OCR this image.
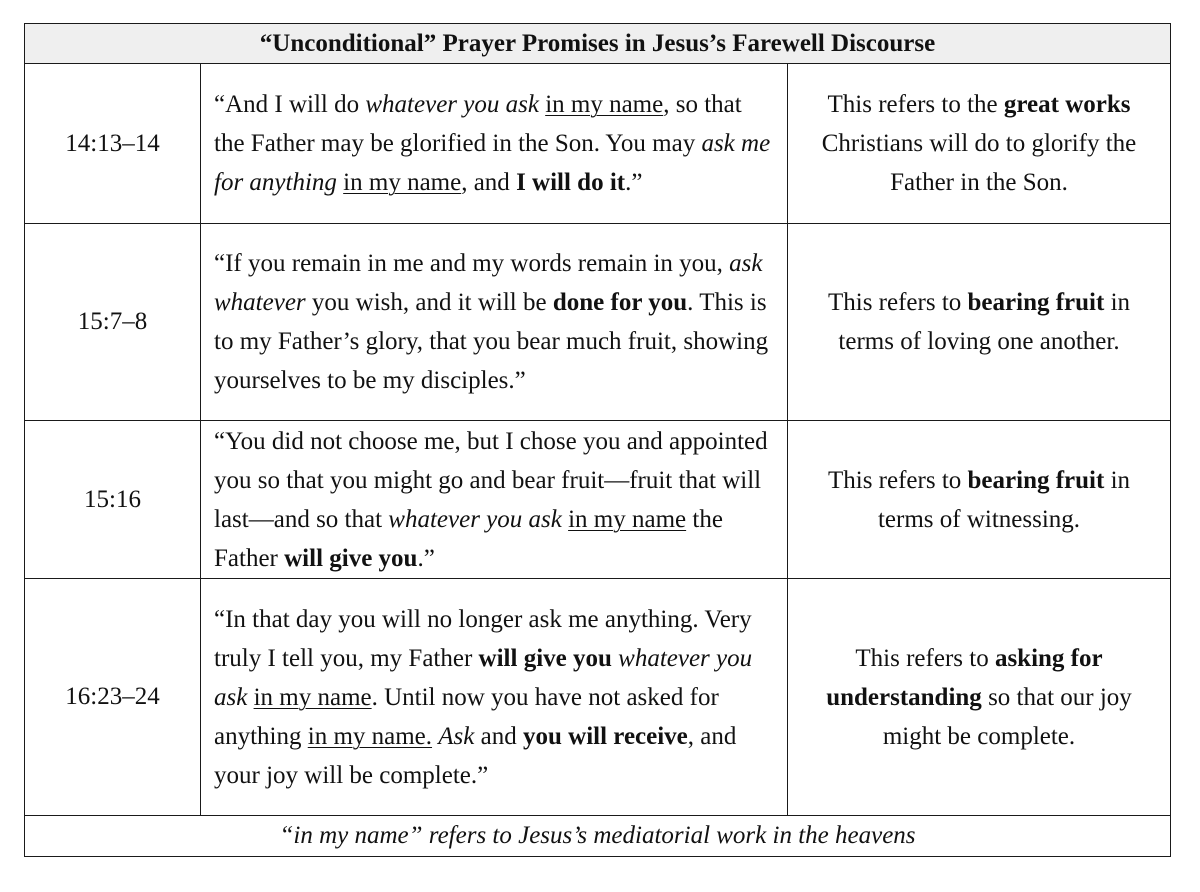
“Unconditional” Prayer Promises in Jesus’s Farewell Discourse		
14:13–14	“And I will do whatever you ask in my name, so that the Father may be glorified in the Son. You may ask me for anything in my name, and I will do it.”	This refers to the great works Christians will do to glorify the Father in the Son.
15:7–8	“If you remain in me and my words remain in you, ask whatever you wish, and it will be done for you. This is to my Father’s glory, that you bear much fruit, showing yourselves to be my disciples.”	This refers to bearing fruit in terms of loving one another.
15:16	“You did not choose me, but I chose you and appointed you so that you might go and bear fruit—fruit that will last—and so that whatever you ask in my name the Father will give you.”	This refers to bearing fruit in terms of witnessing.
16:23–24	“In that day you will no longer ask me anything. Very truly I tell you, my Father will give you whatever you ask in my name. Until now you have not asked for anything in my name. Ask and you will receive, and your joy will be complete.”	This refers to asking for understanding so that our joy might be complete.
“in my name” refers to Jesus’s mediatorial work in the heavens		
